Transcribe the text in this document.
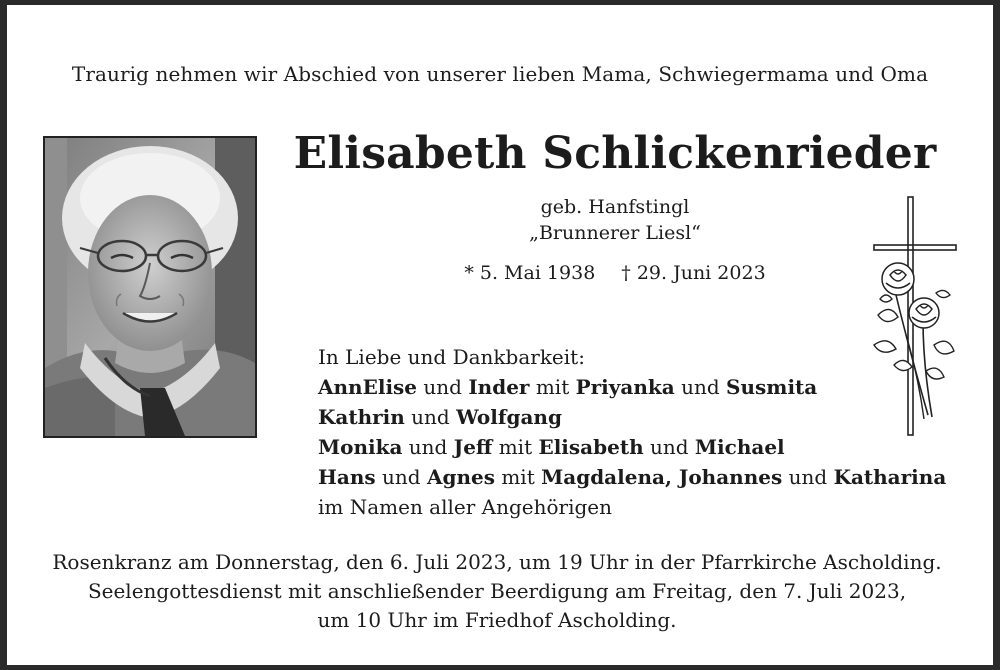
Traurig nehmen wir Abschied von unserer lieben Mama, Schwiegermama und Oma
Elisabeth Schlickenrieder
geb. Hanfstingl
„Brunnerer Liesl“
* 5. Mai 1938 † 29. Juni 2023
In Liebe und Dankbarkeit:
AnnElise und Inder mit Priyanka und Susmita
Kathrin und Wolfgang
Monika und Jeff mit Elisabeth und Michael
Hans und Agnes mit Magdalena, Johannes und Katharina
im Namen aller Angehörigen
Rosenkranz am Donnerstag, den 6. Juli 2023, um 19 Uhr in der Pfarrkirche Ascholding.
Seelengottesdienst mit anschließender Beerdigung am Freitag, den 7. Juli 2023,
um 10 Uhr im Friedhof Ascholding.
